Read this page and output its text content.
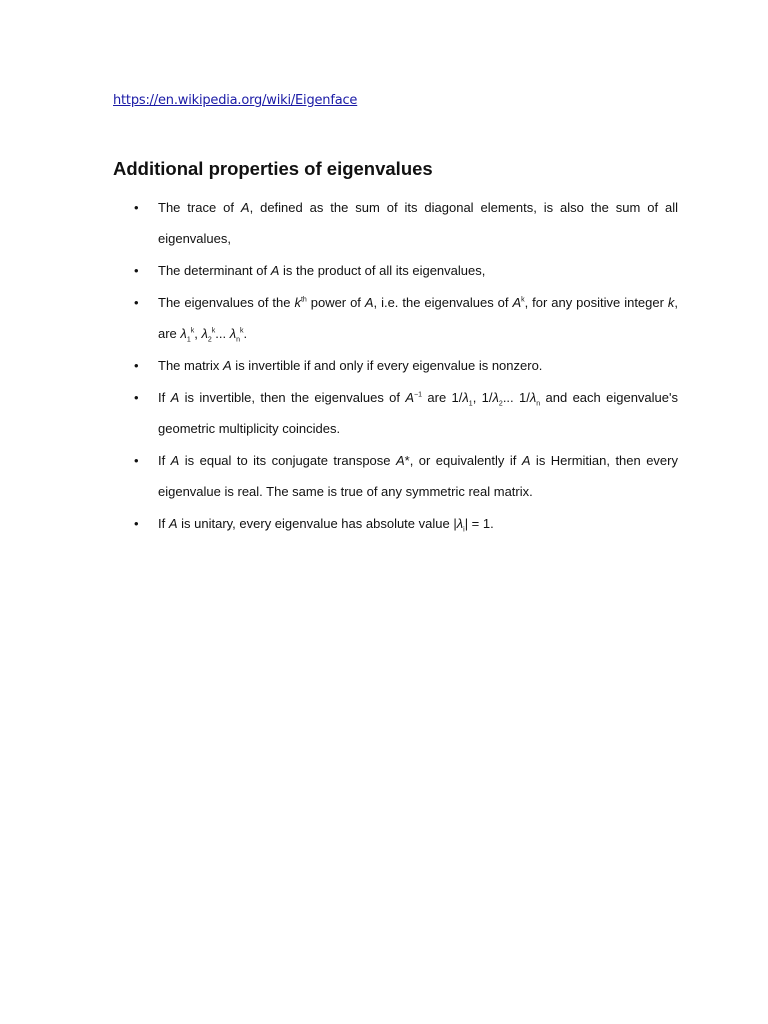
https://en.wikipedia.org/wiki/Eigenface
Additional properties of eigenvalues
• The trace of A, defined as the sum of its diagonal elements, is also the sum of all eigenvalues,
• The determinant of A is the product of all its eigenvalues,
• The eigenvalues of the $k^{th}$ power of A, i.e. the eigenvalues of $A^k$, for any positive integer k, are $\lambda_1^k$, $\lambda_2^k$... $\lambda_n^k$.
• The matrix A is invertible if and only if every eigenvalue is nonzero.
• If A is invertible, then the eigenvalues of $A^{-1}$ are $1/\lambda_1$, $1/\lambda_2$... $1/\lambda_n$ and each eigenvalue's geometric multiplicity coincides.
• If A is equal to its conjugate transpose A*, or equivalently if A is Hermitian, then every eigenvalue is real. The same is true of any symmetric real matrix.
• If A is unitary, every eigenvalue has absolute value $|\lambda_i| = 1$.
